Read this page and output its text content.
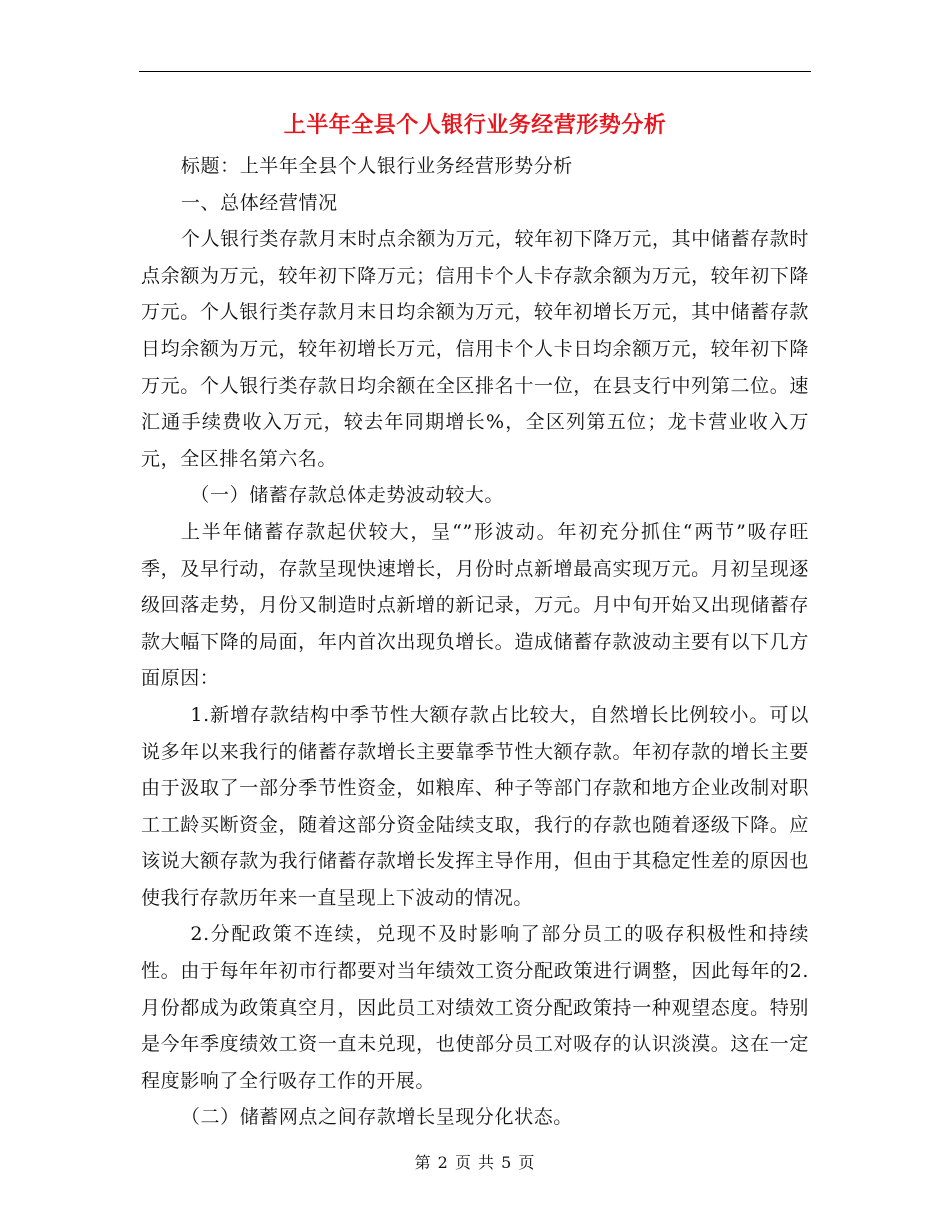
上半年全县个人银行业务经营形势分析

标题：上半年全县个人银行业务经营形势分析

一、总体经营情况

个人银行类存款月末时点余额为万元，较年初下降万元，其中储蓄存款时点余额为万元，较年初下降万元；信用卡个人卡存款余额为万元，较年初下降万元。个人银行类存款月末日均余额为万元，较年初增长万元，其中储蓄存款日均余额为万元，较年初增长万元，信用卡个人卡日均余额万元，较年初下降万元。个人银行类存款日均余额在全区排名十一位，在县支行中列第二位。速汇通手续费收入万元，较去年同期增长%，全区列第五位；龙卡营业收入万元，全区排名第六名。

（一）储蓄存款总体走势波动较大。

上半年储蓄存款起伏较大，呈“”形波动。年初充分抓住“两节”吸存旺季，及早行动，存款呈现快速增长，月份时点新增最高实现万元。月初呈现逐级回落走势，月份又制造时点新增的新记录，万元。月中旬开始又出现储蓄存款大幅下降的局面，年内首次出现负增长。造成储蓄存款波动主要有以下几方面原因：

1.新增存款结构中季节性大额存款占比较大，自然增长比例较小。可以说多年以来我行的储蓄存款增长主要靠季节性大额存款。年初存款的增长主要由于汲取了一部分季节性资金，如粮库、种子等部门存款和地方企业改制对职工工龄买断资金，随着这部分资金陆续支取，我行的存款也随着逐级下降。应该说大额存款为我行储蓄存款增长发挥主导作用，但由于其稳定性差的原因也使我行存款历年来一直呈现上下波动的情况。

2.分配政策不连续，兑现不及时影响了部分员工的吸存积极性和持续性。由于每年年初市行都要对当年绩效工资分配政策进行调整，因此每年的2.月份都成为政策真空月，因此员工对绩效工资分配政策持一种观望态度。特别是今年季度绩效工资一直未兑现，也使部分员工对吸存的认识淡漠。这在一定程度影响了全行吸存工作的开展。

（二）储蓄网点之间存款增长呈现分化状态。

第 2 页 共 5 页
